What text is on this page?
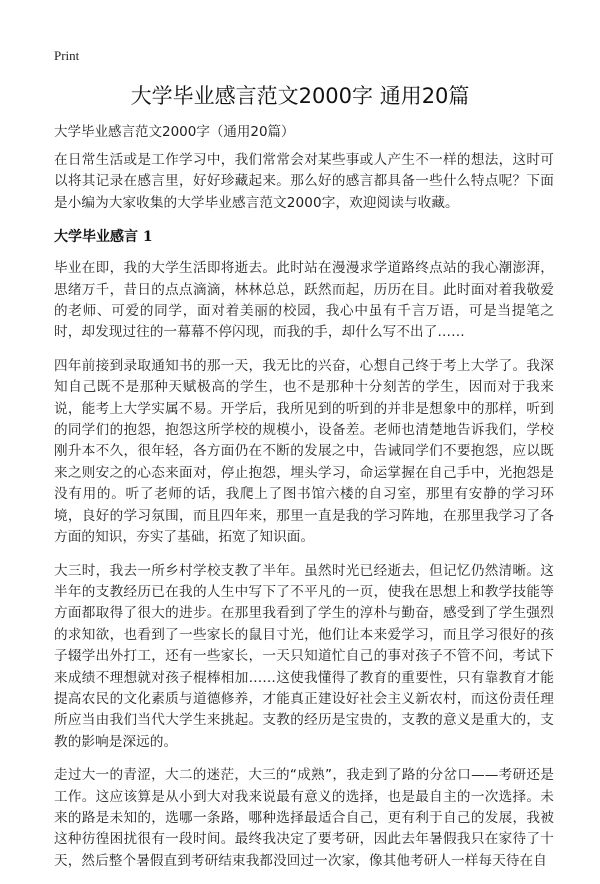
Print
大学毕业感言范文2000字 通用20篇
大学毕业感言范文2000字（通用20篇）

在日常生活或是工作学习中，我们常常会对某些事或人产生不一样的想法，这时可以将其记录在感言里，好好珍藏起来。那么好的感言都具备一些什么特点呢？下面是小编为大家收集的大学毕业感言范文2000字，欢迎阅读与收藏。

大学毕业感言 1

毕业在即，我的大学生活即将逝去。此时站在漫漫求学道路终点站的我心潮澎湃，思绪万千，昔日的点点滴滴，林林总总，跃然而起，历历在目。此时面对着我敬爱的老师、可爱的同学，面对着美丽的校园，我心中虽有千言万语，可是当提笔之时，却发现过往的一幕幕不停闪现，而我的手，却什么写不出了……

四年前接到录取通知书的那一天，我无比的兴奋，心想自己终于考上大学了。我深知自己既不是那种天赋极高的学生，也不是那种十分刻苦的学生，因而对于我来说，能考上大学实属不易。开学后，我所见到的听到的并非是想象中的那样，听到的同学们的抱怨，抱怨这所学校的规模小，设备差。老师也清楚地告诉我们，学校刚升本不久，很年轻，各方面仍在不断的发展之中，告诫同学们不要抱怨，应以既来之则安之的心态来面对，停止抱怨，埋头学习，命运掌握在自己手中，光抱怨是没有用的。听了老师的话，我爬上了图书馆六楼的自习室，那里有安静的学习环境，良好的学习氛围，而且四年来，那里一直是我的学习阵地，在那里我学习了各方面的知识，夯实了基础，拓宽了知识面。

大三时，我去一所乡村学校支教了半年。虽然时光已经逝去，但记忆仍然清晰。这半年的支教经历已在我的人生中写下了不平凡的一页，使我在思想上和教学技能等方面都取得了很大的进步。在那里我看到了学生的淳朴与勤奋，感受到了学生强烈的求知欲，也看到了一些家长的鼠目寸光，他们让本来爱学习，而且学习很好的孩子辍学出外打工，还有一些家长，一天只知道忙自己的事对孩子不管不问，考试下来成绩不理想就对孩子棍棒相加……这使我懂得了教育的重要性，只有靠教育才能提高农民的文化素质与道德修养，才能真正建设好社会主义新农村，而这份责任理所应当由我们当代大学生来挑起。支教的经历是宝贵的，支教的意义是重大的，支教的影响是深远的。

走过大一的青涩，大二的迷茫，大三的“成熟”，我走到了路的分岔口——考研还是工作。这应该算是从小到大对我来说最有意义的选择，也是最自主的一次选择。未来的路是未知的，选哪一条路，哪种选择最适合自己，更有利于自己的发展，我被这种彷徨困扰很有一段时间。最终我决定了要考研，因此去年暑假我只在家待了十天，然后整个暑假直到考研结束我都没回过一次家，像其他考研人一样每天待在自
